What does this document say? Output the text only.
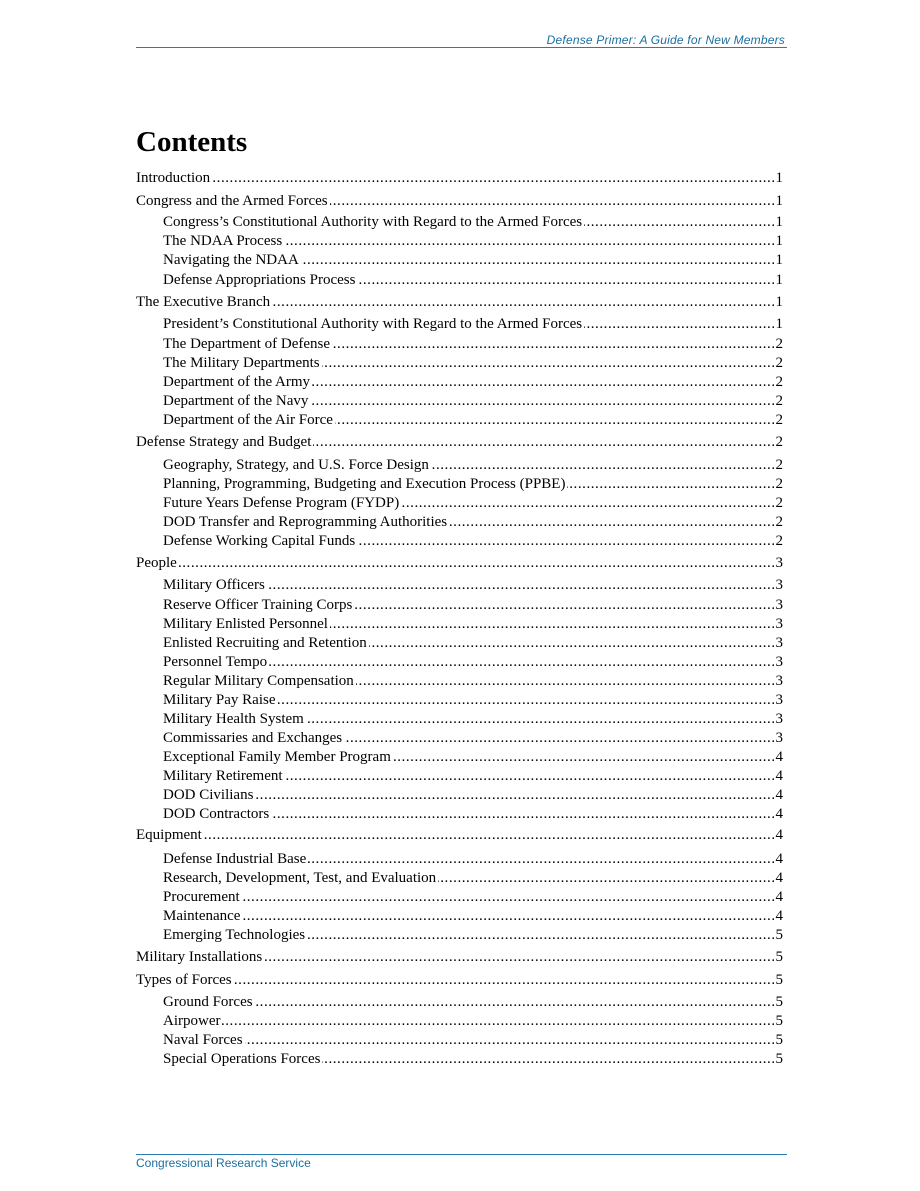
Defense Primer: A Guide for New Members
Contents
Introduction . . .	1
Congress and the Armed Forces . . .	1
Congress’s Constitutional Authority with Regard to the Armed Forces . . .	1
The NDAA Process . . .	1
Navigating the NDAA . . .	1
Defense Appropriations Process . . .	1
The Executive Branch . . .	1
President’s Constitutional Authority with Regard to the Armed Forces . . .	1
The Department of Defense . . .	2
The Military Departments . . .	2
Department of the Army . . .	2
Department of the Navy . . .	2
Department of the Air Force . . .	2
Defense Strategy and Budget . . .	2
Geography, Strategy, and U.S. Force Design . . .	2
Planning, Programming, Budgeting and Execution Process (PPBE) . . .	2
Future Years Defense Program (FYDP) . . .	2
DOD Transfer and Reprogramming Authorities . . .	2
Defense Working Capital Funds . . .	2
People . . .	3
Military Officers . . .	3
Reserve Officer Training Corps . . .	3
Military Enlisted Personnel . . .	3
Enlisted Recruiting and Retention . . .	3
Personnel Tempo . . .	3
Regular Military Compensation . . .	3
Military Pay Raise . . .	3
Military Health System . . .	3
Commissaries and Exchanges . . .	3
Exceptional Family Member Program . . .	4
Military Retirement . . .	4
DOD Civilians . . .	4
DOD Contractors . . .	4
Equipment . . .	4
Defense Industrial Base . . .	4
Research, Development, Test, and Evaluation . . .	4
Procurement . . .	4
Maintenance . . .	4
Emerging Technologies . . .	5
Military Installations . . .	5
Types of Forces . . .	5
Ground Forces . . .	5
Airpower . . .	5
Naval Forces . . .	5
Special Operations Forces . . .	5
Congressional Research Service
